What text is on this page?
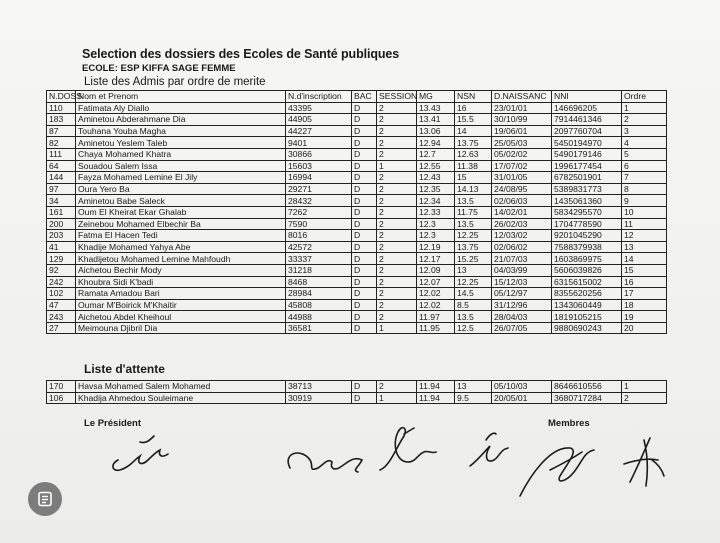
Selection des dossiers des Ecoles de Santé publiques
ECOLE: ESP KIFFA SAGE FEMME
Liste des Admis par ordre de merite
N.DOSS	Nom et Prenom	N.d'inscription	BAC	SESSION	MG	NSN	D.NAISSANC	NNI	Ordre
110	Fatimata Aly Diallo	43395	D	2	13.43	16	23/01/01	146696205	1
183	Aminetou Abderahmane Dia	44905	D	2	13.41	15.5	30/10/99	7914461346	2
87	Touhana Youba Magha	44227	D	2	13.06	14	19/06/01	2097760704	3
82	Aminetou Yeslem Taleb	9401	D	2	12.94	13.75	25/05/03	5450194970	4
111	Chaya Mohamed Khatra	30866	D	2	12.7	12.63	05/02/02	5490179146	5
64	Souadou Salem Issa	15603	D	1	12.55	11.38	17/07/02	1996177454	6
144	Fayza Mohamed Lemine El Jily	16994	D	2	12.43	15	31/01/05	6782501901	7
97	Oura Yero Ba	29271	D	2	12.35	14.13	24/08/95	5389831773	8
34	Aminetou Babe Saleck	28432	D	2	12.34	13.5	02/06/03	1435061360	9
161	Oum El Kheirat Ekar Ghalab	7262	D	2	12.33	11.75	14/02/01	5834295570	10
200	Zeinebou Mohamed Elbechir Ba	7590	D	2	12.3	13.5	26/02/03	1704778590	11
203	Fatma El Hacen Tedi	8016	D	2	12.3	12.25	12/03/02	9201045290	12
41	Khadije Mohamed Yahya Abe	42572	D	2	12.19	13.75	02/06/02	7588379938	13
129	Khadijetou Mohamed Lemine Mahfoudh	33337	D	2	12.17	15.25	21/07/03	1603869975	14
92	Aichetou Bechir Mody	31218	D	2	12.09	13	04/03/99	5606039826	15
242	Khoubra Sidi K'badi	8468	D	2	12.07	12.25	15/12/03	6315615002	16
102	Ramata Amadou Bari	28984	D	2	12.02	14.5	05/12/97	8355620256	17
47	Oumar M'Boirick M'Khaitir	45808	D	2	12.02	8.5	31/12/96	1343060449	18
243	Aichetou Abdel Kheihoul	44988	D	2	11.97	13.5	28/04/03	1819105215	19
27	Meimouna Djibril Dia	36581	D	1	11.95	12.5	26/07/05	9880690243	20
Liste d'attente
170	Havsa Mohamed Salem Mohamed	38713	D	2	11.94	13	05/10/03	8646610556	1
106	Khadija Ahmedou Souleimane	30919	D	1	11.94	9.5	20/05/01	3680717284	2
Le Président	Membres
